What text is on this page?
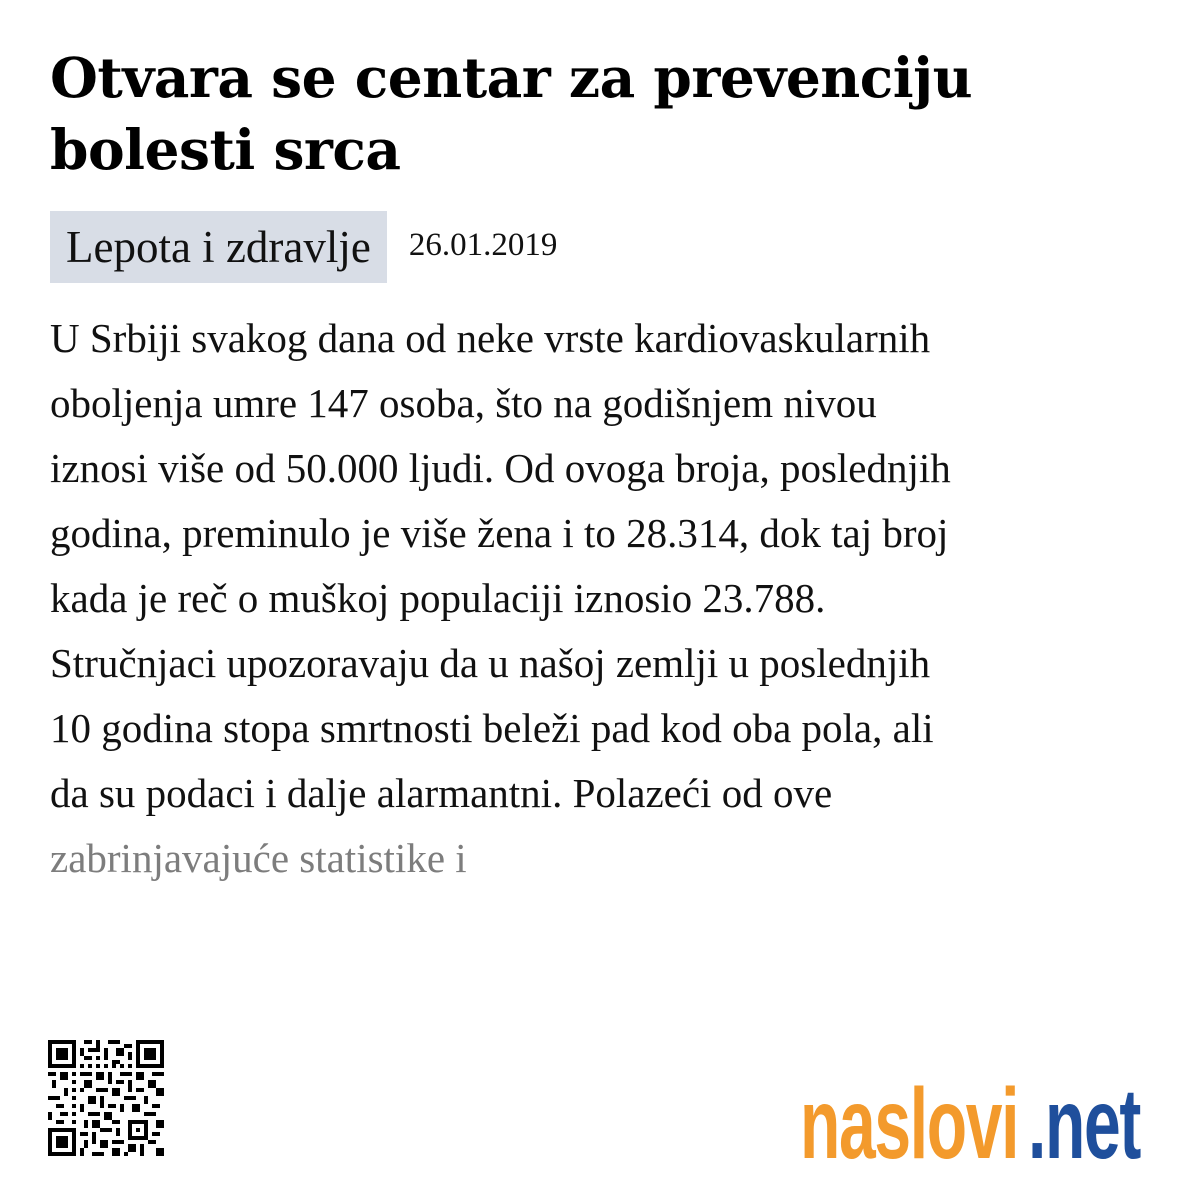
Otvara se centar za prevenciju bolesti srca
Lepota i zdravlje	26.01.2019
U Srbiji svakog dana od neke vrste kardiovaskularnih
oboljenja umre 147 osoba, što na godišnjem nivou
iznosi više od 50.000 ljudi. Od ovoga broja, poslednjih
godina, preminulo je više žena i to 28.314, dok taj broj
kada je reč o muškoj populaciji iznosio 23.788.
Stručnjaci upozoravaju da u našoj zemlji u poslednjih
10 godina stopa smrtnosti beleži pad kod oba pola, ali
da su podaci i dalje alarmantni. Polazeći od ove
zabrinjavajuće statistike i
naslovi .net
